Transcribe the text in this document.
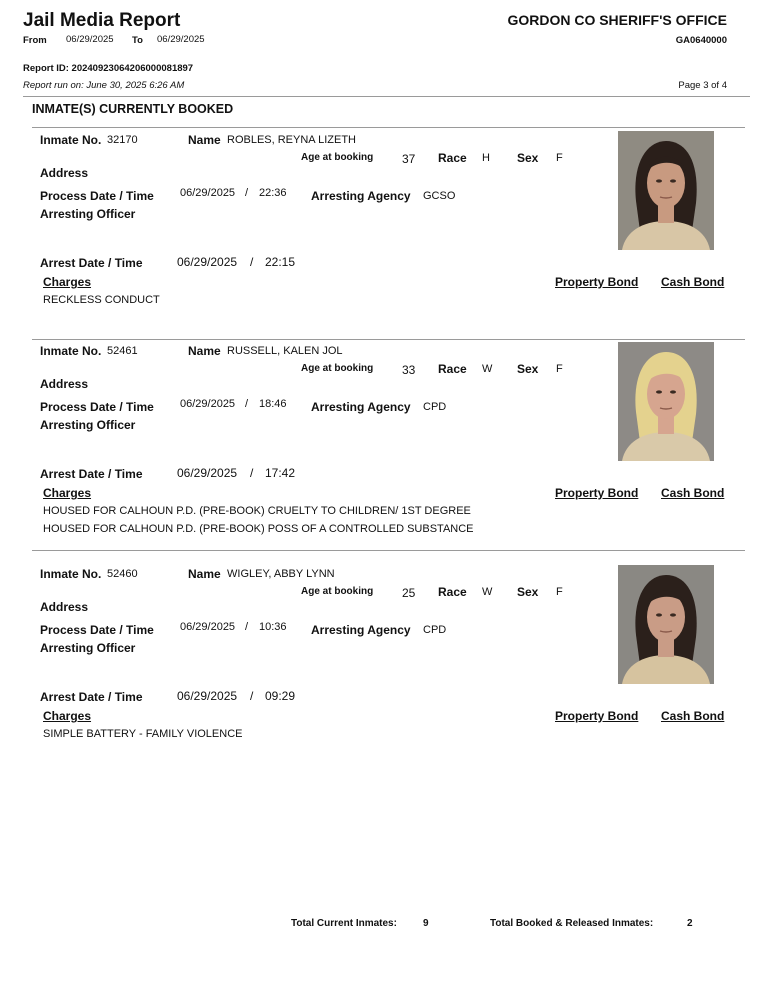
Jail Media Report
From 06/29/2025 To 06/29/2025
GORDON CO SHERIFF'S OFFICE
GA0640000
Report ID: 20240923064206000081897
Report run on: June 30, 2025 6:26 AM	Page 3 of 4
INMATE(S) CURRENTLY BOOKED
Inmate No. 32170	Name ROBLES, REYNA LIZETH
Age at booking 37 Race H Sex F
Address
Process Date / Time 06/29/2025 / 22:36 Arresting Agency GCSO
Arresting Officer
Arrest Date / Time	06/29/2025 / 22:15
Charges	Property Bond Cash Bond
RECKLESS CONDUCT
Inmate No. 52461	Name RUSSELL, KALEN JOL
Age at booking 33 Race W Sex F
Address
Process Date / Time 06/29/2025 / 18:46 Arresting Agency CPD
Arresting Officer
Arrest Date / Time	06/29/2025 / 17:42
Charges	Property Bond Cash Bond
HOUSED FOR CALHOUN P.D. (PRE-BOOK) CRUELTY TO CHILDREN/ 1ST DEGREE
HOUSED FOR CALHOUN P.D. (PRE-BOOK) POSS OF A CONTROLLED SUBSTANCE
Inmate No. 52460	Name WIGLEY, ABBY LYNN
Age at booking 25 Race W Sex F
Address
Process Date / Time 06/29/2025 / 10:36 Arresting Agency CPD
Arresting Officer
Arrest Date / Time	06/29/2025 / 09:29
Charges	Property Bond Cash Bond
SIMPLE BATTERY - FAMILY VIOLENCE
Total Current Inmates:	9	Total Booked & Released Inmates:	2
